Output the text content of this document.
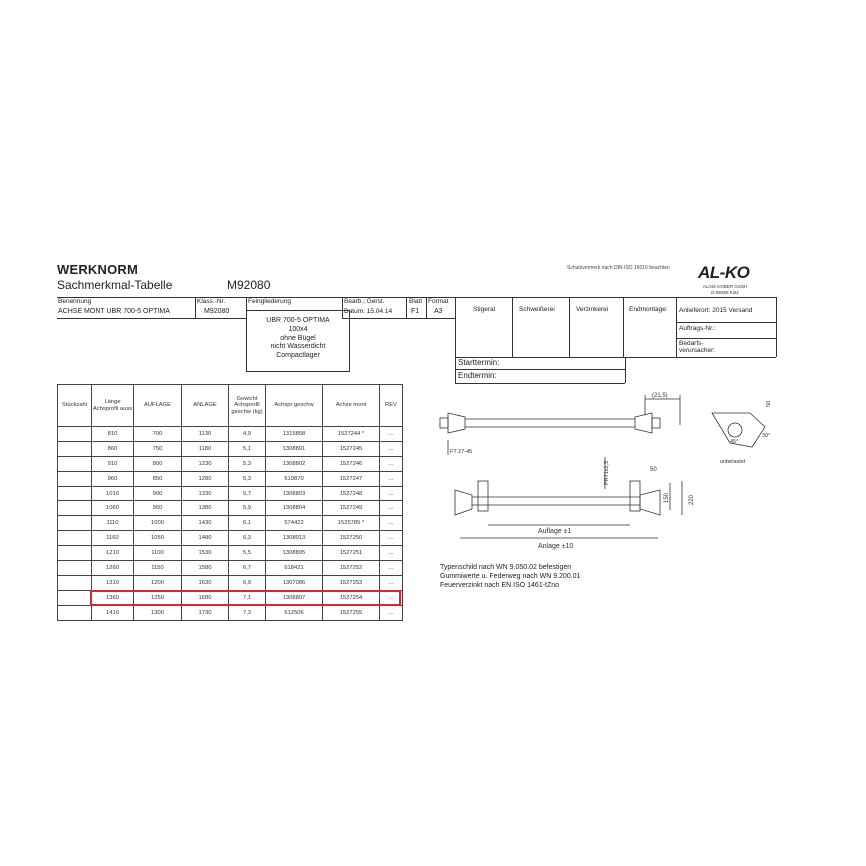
WERKNORM
Sachmerkmal-Tabelle	M92080
Schutzvermerk nach DIN ISO 16016 beachten AL-KO
ALOIS KOBER GmbH
D-89359 Kötz
Benennung
ACHSE MONT UBR 700-5 OPTIMA
Klass.-Nr.
M92080
Feingliederung	Bearb.; Gerst.
Datum: 15.04.14
Blatt
F1
Format
A3	Stigeral	Schweißerei	Verzinkerei	Endmontage: Anlieferort: 2015 Versand
Auftrags-Nr.:
Bedarfs-
verursacher:
Starttermin:
Endtermin:
UBR 700-5 OPTIMA
100x4
ohne Bügel
nicht Wasserdicht
Compactlager
Stückzahl	Länge Achsprofil auss	AUFLAGE	ANLAGE	Gewicht Achsprofil geschw (kg)	Achspr geschw	Achse mont	REV
	810	700	1130	4,9	1315858	1527244 *	...
	860	750	1180	5,1	1308801	1527245	...
	910	800	1230	5,3	1308802	1527246	...
	960	850	1280	5,3	619870	1527247	...
	1010	900	1330	5,7	1308803	1527248	...
	1060	950	1380	5,9	1308804	1527249	...
	1110	1000	1430	6,1	574422	1525785 *	...
	1160	1050	1480	6,3	1308013	1527250	...
	1210	1100	1530	5,5	1308805	1527251	...
	1260	1150	1580	6,7	618421	1527252	...
	1310	1200	1630	6,9	1307086	1527253	...
	1360	1250	1680	7,1	1308807	1527254	...
	1410	1300	1730	7,3	612506	1527255	...
(21,5)
FT 27-45
50
PR71x2,5
150	220
Auflage ±1
Anlage ±10
45°
30°
50
unbelastet
Typenschild nach WN 9.050.02 befestigen
Gummiwerte u. Federweg nach WN 9.200.01
Feuerverzinkt nach EN ISO 1461-tZno
